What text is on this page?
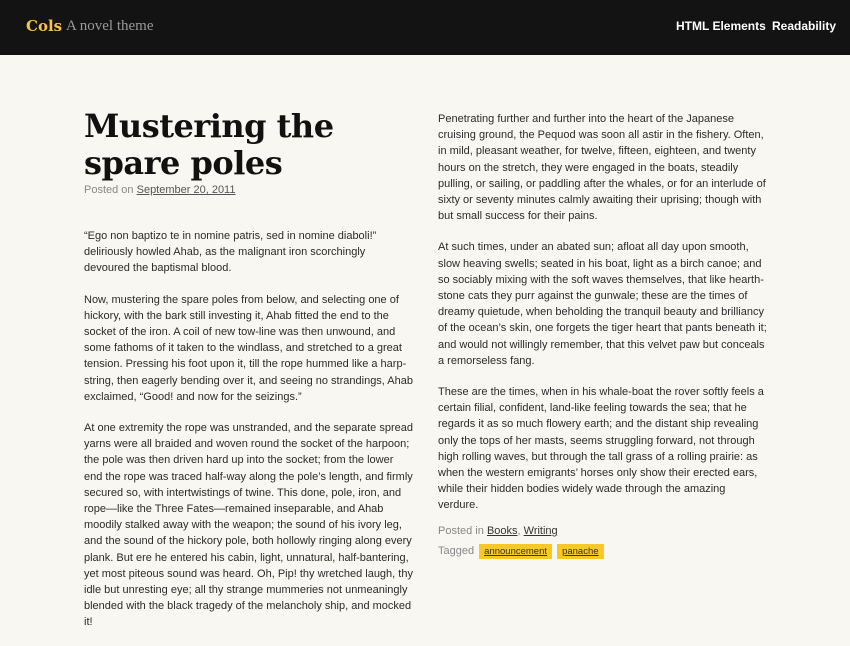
Cols A novel theme	HTML Elements Readability
Mustering the spare poles
Posted on September 20, 2011

“Ego non baptizo te in nomine patris, sed in nomine diaboli!” deliriously howled Ahab, as the malignant iron scorchingly devoured the baptismal blood.

Now, mustering the spare poles from below, and selecting one of hickory, with the bark still investing it, Ahab fitted the end to the socket of the iron. A coil of new tow-line was then unwound, and some fathoms of it taken to the windlass, and stretched to a great tension. Pressing his foot upon it, till the rope hummed like a harp-string, then eagerly bending over it, and seeing no strandings, Ahab exclaimed, “Good! and now for the seizings.”

At one extremity the rope was unstranded, and the separate spread yarns were all braided and woven round the socket of the harpoon; the pole was then driven hard up into the socket; from the lower end the rope was traced half-way along the pole’s length, and firmly secured so, with intertwistings of twine. This done, pole, iron, and rope—like the Three Fates—remained inseparable, and Ahab moodily stalked away with the weapon; the sound of his ivory leg, and the sound of the hickory pole, both hollowly ringing along every plank. But ere he entered his cabin, light, unnatural, half-bantering, yet most piteous sound was heard. Oh, Pip! thy wretched laugh, thy idle but unresting eye; all thy strange mummeries not unmeaningly blended with the black tragedy of the melancholy ship, and mocked it!

Penetrating further and further into the heart of the Japanese cruising ground, the Pequod was soon all astir in the fishery. Often, in mild, pleasant weather, for twelve, fifteen, eighteen, and twenty hours on the stretch, they were engaged in the boats, steadily pulling, or sailing, or paddling after the whales, or for an interlude of sixty or seventy minutes calmly awaiting their uprising; though with but small success for their pains.

At such times, under an abated sun; afloat all day upon smooth, slow heaving swells; seated in his boat, light as a birch canoe; and so sociably mixing with the soft waves themselves, that like hearth-stone cats they purr against the gunwale; these are the times of dreamy quietude, when beholding the tranquil beauty and brilliancy of the ocean’s skin, one forgets the tiger heart that pants beneath it; and would not willingly remember, that this velvet paw but conceals a remorseless fang.

These are the times, when in his whale-boat the rover softly feels a certain filial, confident, land-like feeling towards the sea; that he regards it as so much flowery earth; and the distant ship revealing only the tops of her masts, seems struggling forward, not through high rolling waves, but through the tall grass of a rolling prairie: as when the western emigrants’ horses only show their erected ears, while their hidden bodies widely wade through the amazing verdure.

Posted in Books, Writing
Tagged announcement panache
